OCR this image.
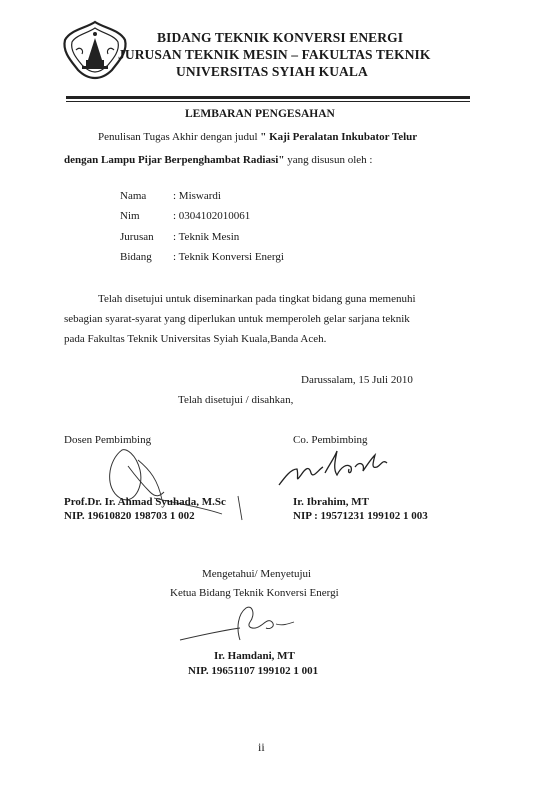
BIDANG TEKNIK KONVERSI ENERGI
JURUSAN TEKNIK MESIN – FAKULTAS TEKNIK
UNIVERSITAS SYIAH KUALA
LEMBARAN PENGESAHAN
Penulisan Tugas Akhir dengan judul " Kaji Peralatan Inkubator Telur
dengan Lampu Pijar Berpenghambat Radiasi" yang disusun oleh :
Nama : Miswardi
Nim	: 0304102010061
Jurusan : Teknik Mesin
Bidang : Teknik Konversi Energi
Telah disetujui untuk diseminarkan pada tingkat bidang guna memenuhi
sebagian syarat-syarat yang diperlukan untuk memperoleh gelar sarjana teknik
pada Fakultas Teknik Universitas Syiah Kuala,Banda Aceh.
Darussalam, 15 Juli 2010
Telah disetujui / disahkan,
Dosen Pembimbing	Co. Pembimbing
Prof.Dr. Ir. Ahmad Syuhada, M.Sc
NIP. 19610820 198703 1 002
Ir. Ibrahim, MT
NIP : 19571231 199102 1 003
Mengetahui/ Menyetujui
Ketua Bidang Teknik Konversi Energi
Ir. Hamdani, MT
NIP. 19651107 199102 1 001
ii
